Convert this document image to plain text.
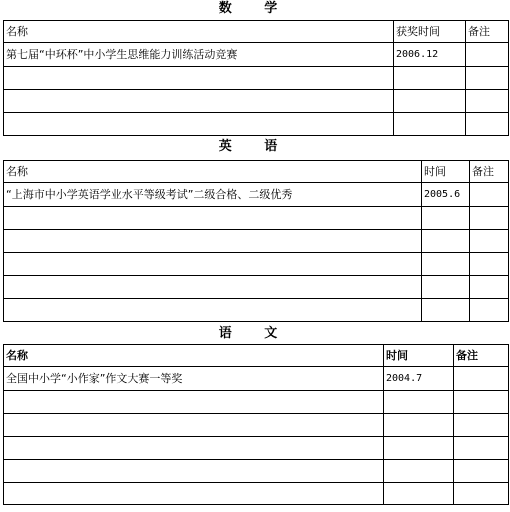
数 学
名称	获奖时间	备注
第七届“中环杯”中小学生思维能力训练活动竞赛	2006.12	

英 语
名称	时间	备注
“上海市中小学英语学业水平等级考试”二级合格、二级优秀	2005.6	

语 文
名称	时间	备注
全国中小学“小作家”作文大赛一等奖	2004.7	
